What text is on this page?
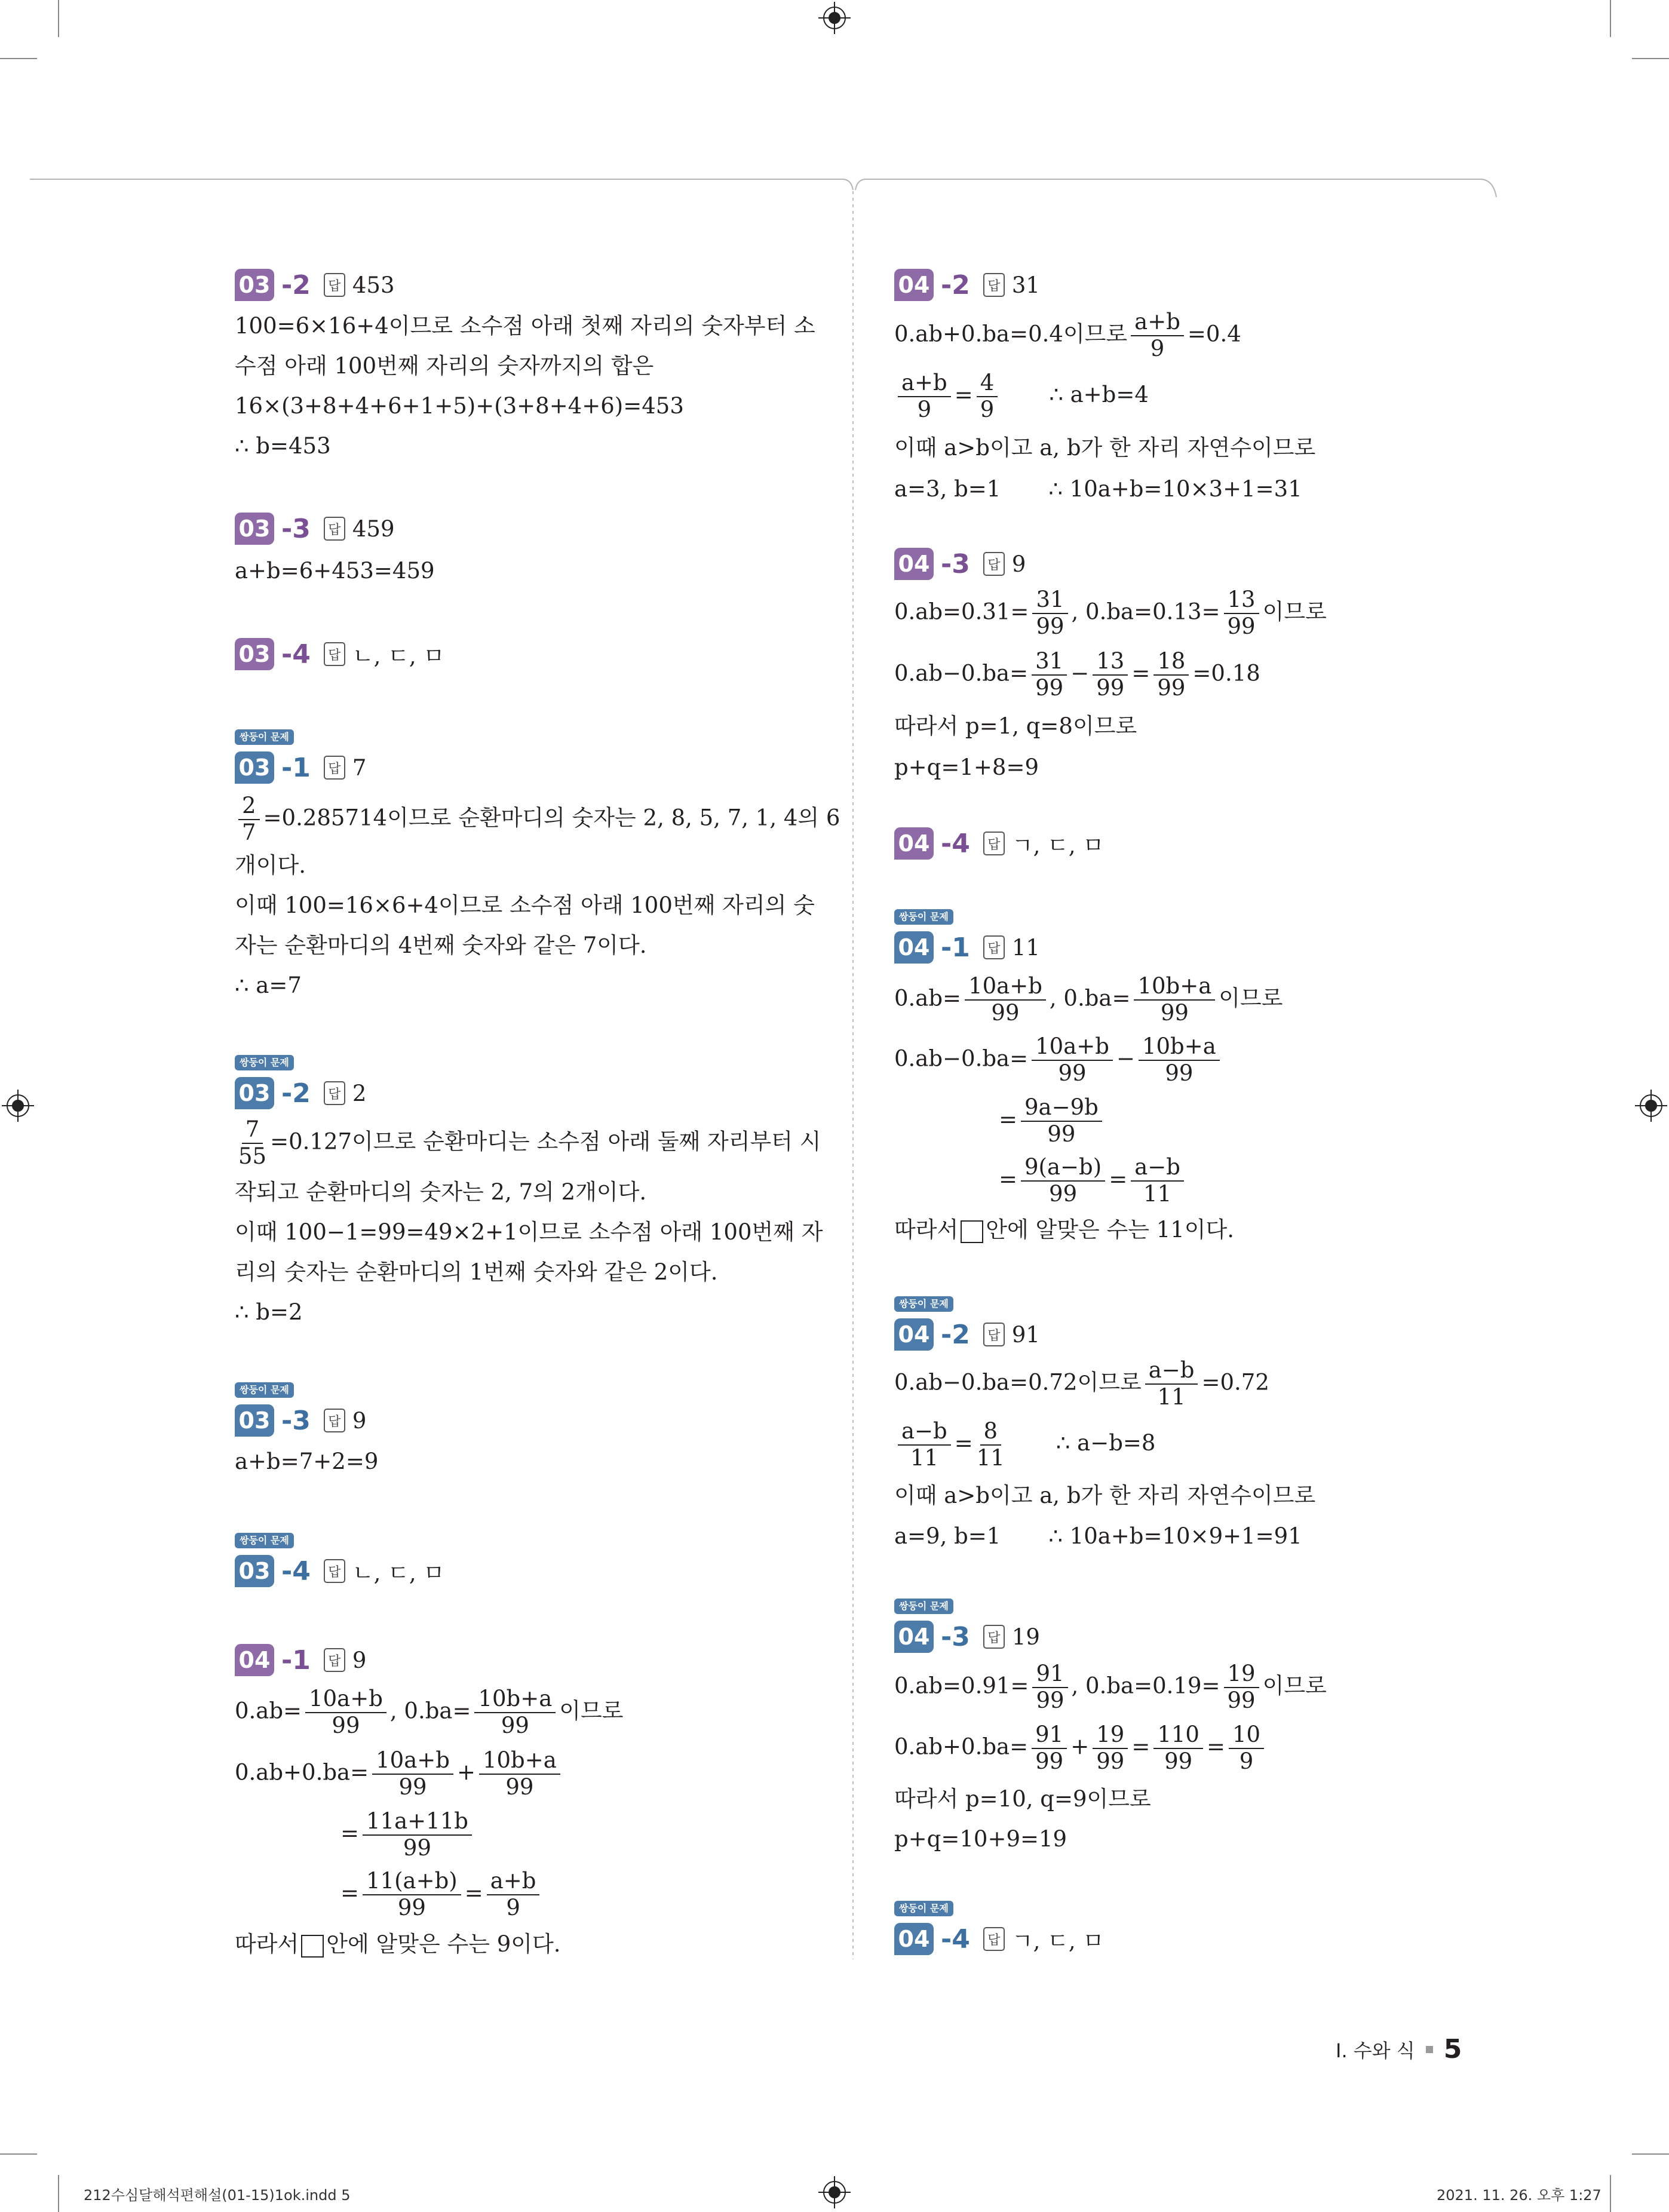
03 -2	답 453
100=6×16+4이므로 소수점 아래 첫째 자리의 숫자부터 소
수점 아래 100번째 자리의 숫자까지의 합은
16×(3+8+4+6+1+5)+(3+8+4+6)=453
∴ b=453
03 -3	답 459
a+b=6+453=459
03 -4	답 ㄴ, ㄷ, ㅁ
쌍둥이 문제
03 -1	답 7
$\frac{2}{7} =0.285714$이므로 순환마디의 숫자는 2, 8, 5, 7, 1, 4의 6
개이다.
이때 100=16×6+4이므로 소수점 아래 100번째 자리의 숫
자는 순환마디의 4번째 숫자와 같은 7이다.
∴ a=7
쌍둥이 문제
03 -2	답 2
$\frac{7}{55} =0.127$이므로 순환마디는 소수점 아래 둘째 자리부터 시
작되고 순환마디의 숫자는 2, 7의 2개이다.
이때 100−1=99=49×2+1이므로 소수점 아래 100번째 자
리의 숫자는 순환마디의 1번째 숫자와 같은 2이다.
∴ b=2
쌍둥이 문제
03 -3	답 9
a+b=7+2=9
쌍둥이 문제
03 -4	답 ㄴ, ㄷ, ㅁ
04 -1	답 9
$0.ab= \frac{10a+b}{99}$ , $0.ba= \frac{10b+a}{99}$ 이므로
$0.ab+0.ba= \frac{10a+b}{99} + \frac{10b+a}{99}$
= $\frac{11a+11b}{99}$
= $\frac{11(a+b)}{99} = \frac{a+b}{9}$
따라서 안에 알맞은 수는 9이다.
04 -2	답 31
0.ab+0.ba=0.4이므로 $\frac{a+b}{9} =0.4$
$\frac{a+b}{9} = \frac{4}{9}$ ∴ a+b=4
이때 a>b이고 a, b가 한 자리 자연수이므로
a=3, b=1 ∴ 10a+b=10×3+1=31
04 -3	답 9
$0.ab=0.31= \frac{31}{99}$ , $0.ba=0.13= \frac{13}{99}$ 이므로
$0.ab-0.ba= \frac{31}{99} - \frac{13}{99} = \frac{18}{99} =0.18$
따라서 p=1, q=8이므로
p+q=1+8=9
04 -4	답 ㄱ, ㄷ, ㅁ
쌍둥이 문제
04 -1	답 11
$0.ab= \frac{10a+b}{99}$ , $0.ba= \frac{10b+a}{99}$ 이므로
$0.ab-0.ba= \frac{10a+b}{99} - \frac{10b+a}{99}$
= $\frac{9a-9b}{99}$
= $\frac{9(a-b)}{99} = \frac{a-b}{11}$
따라서 안에 알맞은 수는 11이다.
쌍둥이 문제
04 -2	답 91
0.ab−0.ba=0.72이므로 $\frac{a-b}{11} =0.72$
$\frac{a-b}{11} = \frac{8}{11}$ ∴ a−b=8
이때 a>b이고 a, b가 한 자리 자연수이므로
a=9, b=1 ∴ 10a+b=10×9+1=91
쌍둥이 문제
04 -3	답 19
$0.ab=0.91= \frac{91}{99}$ , $0.ba=0.19= \frac{19}{99}$ 이므로
$0.ab+0.ba= \frac{91}{99} + \frac{19}{99} = \frac{110}{99} = \frac{10}{9}$
따라서 p=10, q=9이므로
p+q=10+9=19
쌍둥이 문제
04 -4	답 ㄱ, ㄷ, ㅁ
I. 수와 식 5
212수심달해석편해설(01-15)1ok.indd 5	2021. 11. 26. 오후 1:27
